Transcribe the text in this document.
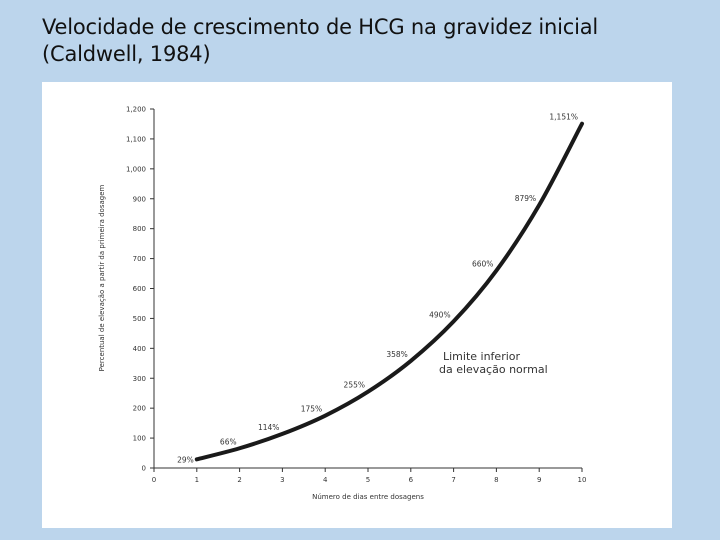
Velocidade de crescimento de HCG na gravidez inicial
(Caldwell, 1984)
0
100
200
300
400
500
600
700
800
900
1,000
1,100
1,200
0	1	2	3	4	5	6	7	8	9	10
29%
66%
114%
175%
255%
358%
490%
660%
879%
1,151%
Percentual de elevação a partir da primeira dosagem
Número de dias entre dosagens
Limite inferior
da elevação normal
